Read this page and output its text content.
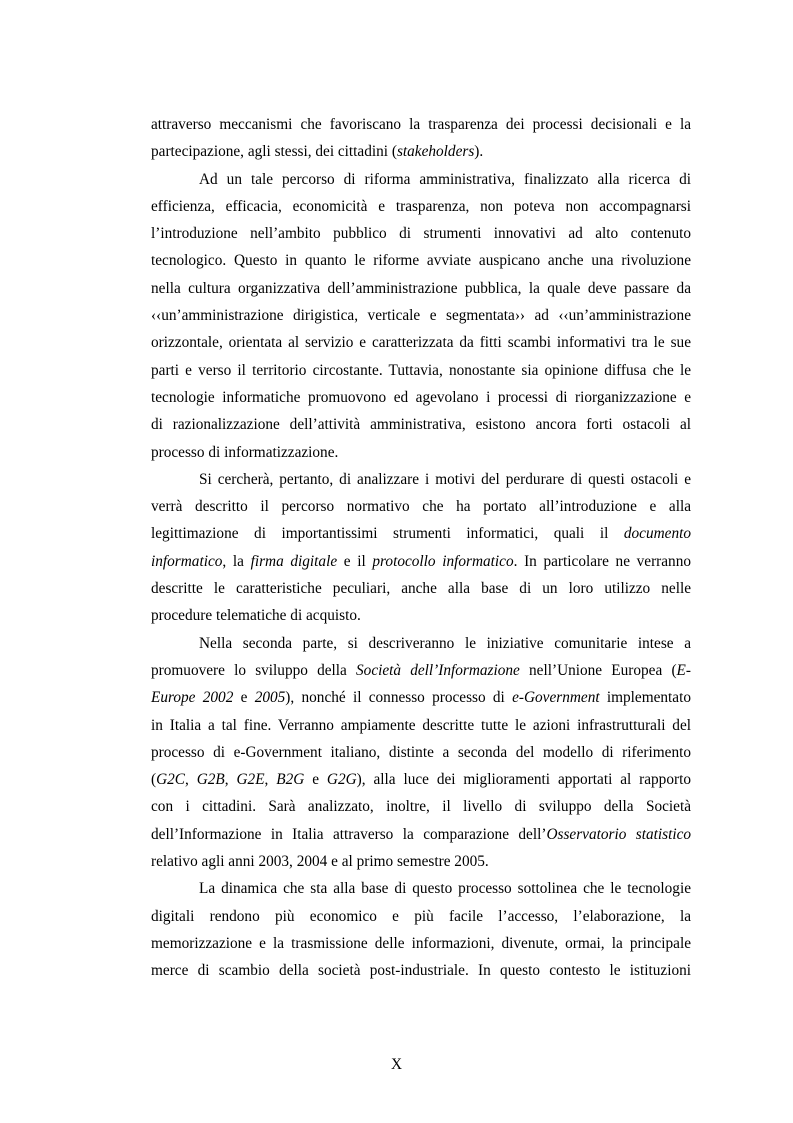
attraverso meccanismi che favoriscano la trasparenza dei processi decisionali e la
partecipazione, agli stessi, dei cittadini (stakeholders).

Ad un tale percorso di riforma amministrativa, finalizzato alla ricerca di
efficienza, efficacia, economicità e trasparenza, non poteva non accompagnarsi
l’introduzione nell’ambito pubblico di strumenti innovativi ad alto contenuto
tecnologico. Questo in quanto le riforme avviate auspicano anche una rivoluzione
nella cultura organizzativa dell’amministrazione pubblica, la quale deve passare da
‹‹un’amministrazione dirigistica, verticale e segmentata›› ad ‹‹un’amministrazione
orizzontale, orientata al servizio e caratterizzata da fitti scambi informativi tra le sue
parti e verso il territorio circostante. Tuttavia, nonostante sia opinione diffusa che le
tecnologie informatiche promuovono ed agevolano i processi di riorganizzazione e
di razionalizzazione dell’attività amministrativa, esistono ancora forti ostacoli al
processo di informatizzazione.

Si cercherà, pertanto, di analizzare i motivi del perdurare di questi ostacoli e
verrà descritto il percorso normativo che ha portato all’introduzione e alla
legittimazione di importantissimi strumenti informatici, quali il documento
informatico, la firma digitale e il protocollo informatico. In particolare ne verranno
descritte le caratteristiche peculiari, anche alla base di un loro utilizzo nelle
procedure telematiche di acquisto.

Nella seconda parte, si descriveranno le iniziative comunitarie intese a
promuovere lo sviluppo della Società dell’Informazione nell’Unione Europea (E-
Europe 2002 e 2005), nonché il connesso processo di e-Government implementato
in Italia a tal fine. Verranno ampiamente descritte tutte le azioni infrastrutturali del
processo di e-Government italiano, distinte a seconda del modello di riferimento
(G2C, G2B, G2E, B2G e G2G), alla luce dei miglioramenti apportati al rapporto
con i cittadini. Sarà analizzato, inoltre, il livello di sviluppo della Società
dell’Informazione in Italia attraverso la comparazione dell’Osservatorio statistico
relativo agli anni 2003, 2004 e al primo semestre 2005.

La dinamica che sta alla base di questo processo sottolinea che le tecnologie
digitali rendono più economico e più facile l’accesso, l’elaborazione, la
memorizzazione e la trasmissione delle informazioni, divenute, ormai, la principale
merce di scambio della società post-industriale. In questo contesto le istituzioni

X
